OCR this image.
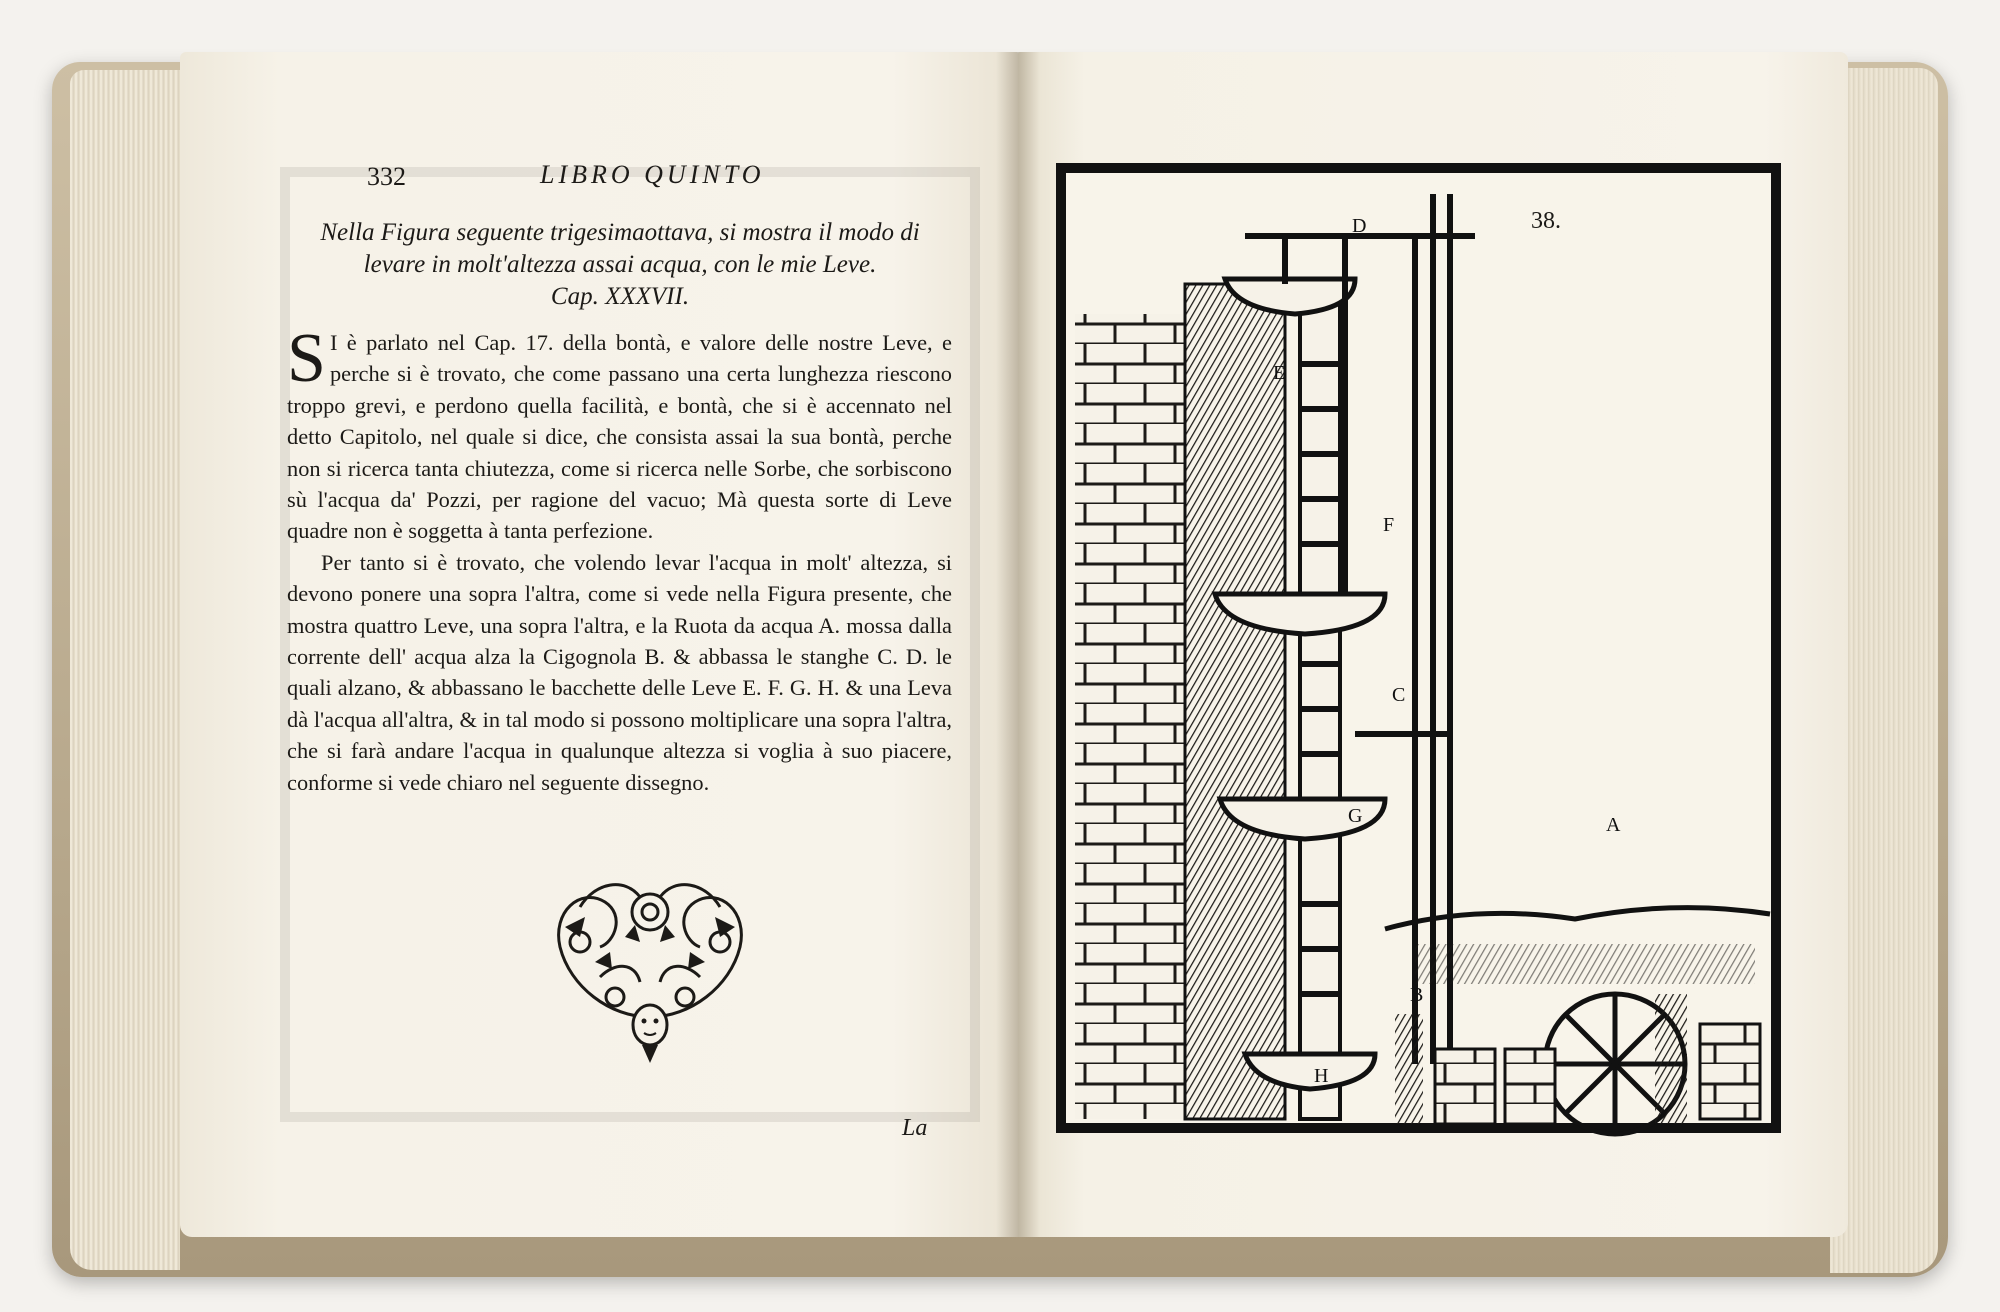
332	LIBRO QUINTO
Nella Figura seguente trigesimaottava, si mostra il modo di levare in molt'altezza assai acqua, con le mie Leve.
Cap. XXXVII.

S I è parlato nel Cap. 17. della bontà, e valore delle nostre Leve, e perche si è trovato, che come passano una certa lunghezza riescono troppo grevi, e perdono quella facilità, e bontà, che si è accennato nel detto Capitolo, nel quale si dice, che consista assai la sua bontà, perche non si ricerca tanta chiutezza, come si ricerca nelle Sorbe, che sorbiscono sù l'acqua da' Pozzi, per ragione del vacuo; Mà questa sorte di Leve quadre non è soggetta à tanta perfezione.

Per tanto si è trovato, che volendo levar l'acqua in molt' altezza, si devono ponere una sopra l'altra, come si vede nella Figura presente, che mostra quattro Leve, una sopra l'altra, e la Ruota da acqua A. mossa dalla corrente dell' acqua alza la Cigognola B. & abbassa le stanghe C. D. le quali alzano, & abbassano le bacchette delle Leve E. F. G. H. & una Leva dà l'acqua all'altra, & in tal modo si possono moltiplicare una sopra l'altra, che si farà andare l'acqua in qualunque altezza si voglia à suo piacere, conforme si vede chiaro nel seguente dissegno.

La
38.
D
E
F
C
G	A
B
H
